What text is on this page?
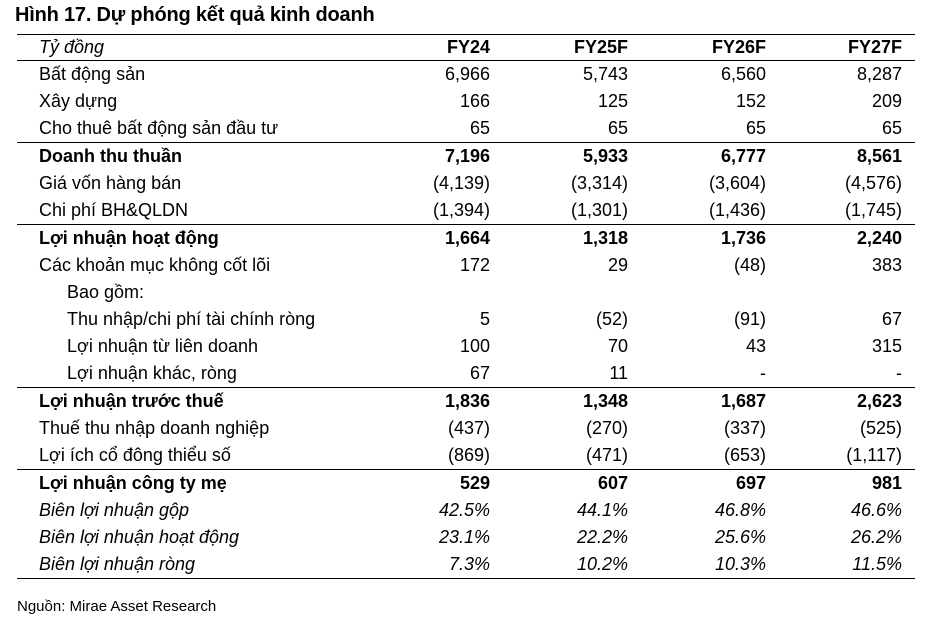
Hình 17. Dự phóng kết quả kinh doanh
Tỷ đồng	FY24	FY25F	FY26F	FY27F
Bất động sản	6,966	5,743	6,560	8,287
Xây dựng	166	125	152	209
Cho thuê bất động sản đầu tư	65	65	65	65
Doanh thu thuần	7,196	5,933	6,777	8,561
Giá vốn hàng bán	(4,139)	(3,314)	(3,604)	(4,576)
Chi phí BH&QLDN	(1,394)	(1,301)	(1,436)	(1,745)
Lợi nhuận hoạt động	1,664	1,318	1,736	2,240
Các khoản mục không cốt lõi	172	29	(48)	383
Bao gồm:				
Thu nhập/chi phí tài chính ròng	5	(52)	(91)	67
Lợi nhuận từ liên doanh	100	70	43	315
Lợi nhuận khác, ròng	67	11	-	-
Lợi nhuận trước thuế	1,836	1,348	1,687	2,623
Thuế thu nhập doanh nghiệp	(437)	(270)	(337)	(525)
Lợi ích cổ đông thiểu số	(869)	(471)	(653)	(1,117)
Lợi nhuận công ty mẹ	529	607	697	981
Biên lợi nhuận gộp	42.5%	44.1%	46.8%	46.6%
Biên lợi nhuận hoạt động	23.1%	22.2%	25.6%	26.2%
Biên lợi nhuận ròng	7.3%	10.2%	10.3%	11.5%
Nguồn: Mirae Asset Research
